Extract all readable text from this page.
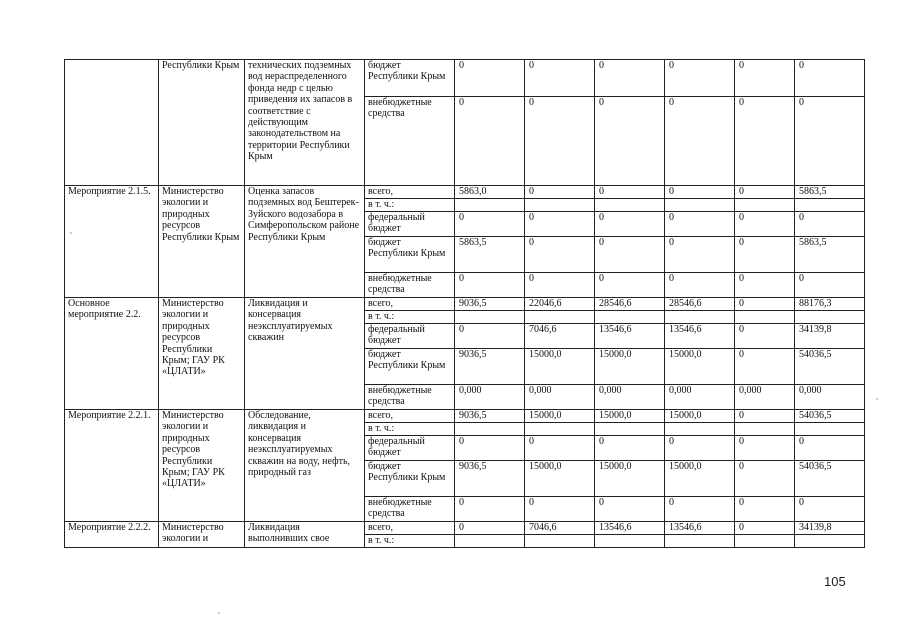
	Республики Крым	технических подземных вод нераспределенного фонда недр с целью приведения их запасов в соответствие с действующим законодательством на территории Республики Крым	бюджет Республики Крым	0	0	0	0	0	0
			внебюджетные средства	0	0	0	0	0	0
Мероприятие 2.1.5.	Министерство экологии и природных ресурсов Республики Крым	Оценка запасов подземных вод Бештерек-Зуйского водозабора в Симферопольском районе Республики Крым	всего,	5863,0	0	0	0	0	5863,5
			в т. ч.:						
			федеральный бюджет	0	0	0	0	0	0
			бюджет Республики Крым	5863,5	0	0	0	0	5863,5
			внебюджетные средства	0	0	0	0	0	0
Основное мероприятие 2.2.	Министерство экологии и природных ресурсов Республики Крым; ГАУ РК «ЦЛАТИ»	Ликвидация и консервация неэксплуатируемых скважин	всего,	9036,5	22046,6	28546,6	28546,6	0	88176,3
			в т. ч.:						
			федеральный бюджет	0	7046,6	13546,6	13546,6	0	34139,8
			бюджет Республики Крым	9036,5	15000,0	15000,0	15000,0	0	54036,5
			внебюджетные средства	0,000	0,000	0,000	0,000	0,000	0,000
Мероприятие 2.2.1.	Министерство экологии и природных ресурсов Республики Крым; ГАУ РК «ЦЛАТИ»	Обследование, ликвидация и консервация неэксплуатируемых скважин на воду, нефть, природный газ	всего,	9036,5	15000,0	15000,0	15000,0	0	54036,5
			в т. ч.:						
			федеральный бюджет	0	0	0	0	0	0
			бюджет Республики Крым	9036,5	15000,0	15000,0	15000,0	0	54036,5
			внебюджетные средства	0	0	0	0	0	0
Мероприятие 2.2.2.	Министерство экологии и	Ликвидация выполнивших свое	всего,	0	7046,6	13546,6	13546,6	0	34139,8
			в т. ч.:						
105
